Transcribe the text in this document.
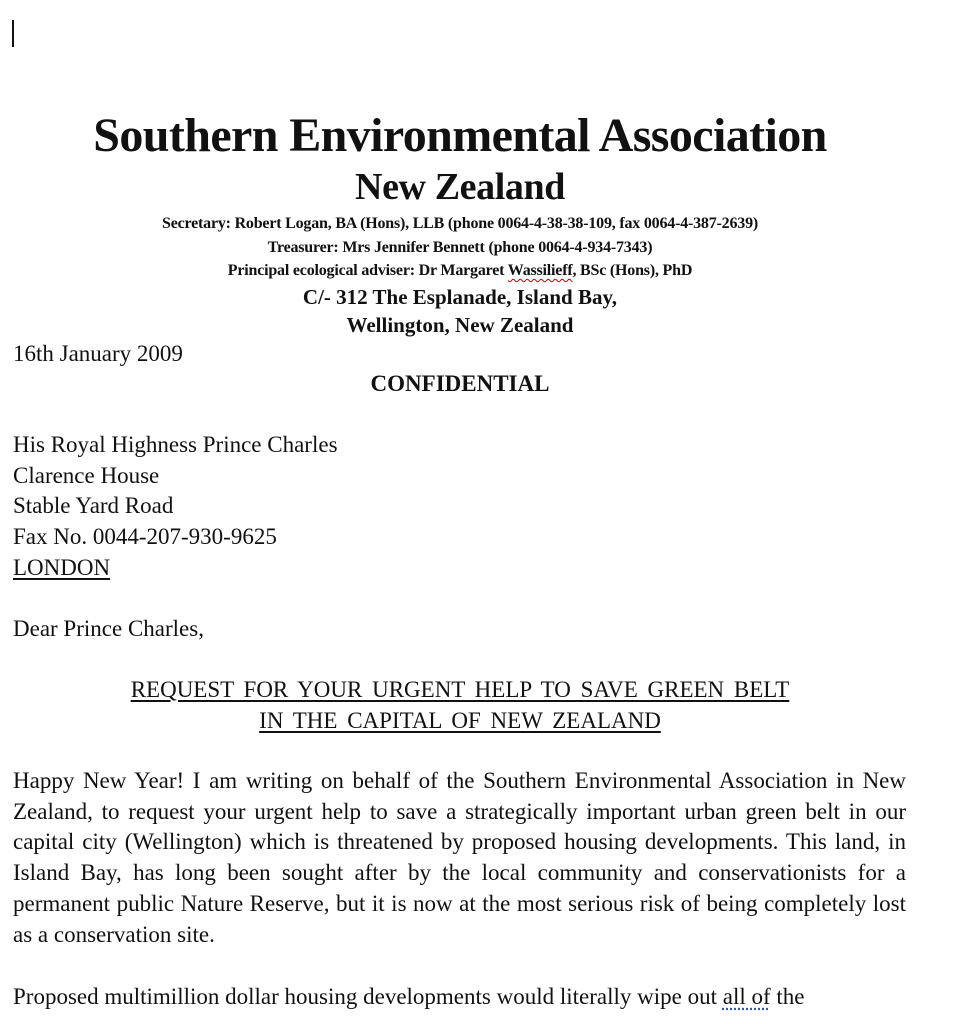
Southern Environmental Association
New Zealand
Secretary: Robert Logan, BA (Hons), LLB (phone 0064-4-38-38-109, fax 0064-4-387-2639)
Treasurer: Mrs Jennifer Bennett (phone 0064-4-934-7343)
Principal ecological adviser: Dr Margaret Wassilieff, BSc (Hons), PhD
C/- 312 The Esplanade, Island Bay,
Wellington, New Zealand
16th January 2009
CONFIDENTIAL
His Royal Highness Prince Charles
Clarence House
Stable Yard Road
Fax No. 0044-207-930-9625
LONDON
Dear Prince Charles,
REQUEST FOR YOUR URGENT HELP TO SAVE GREEN BELT
IN THE CAPITAL OF NEW ZEALAND
Happy New Year! I am writing on behalf of the Southern Environmental Association in New Zealand, to request your urgent help to save a strategically important urban green belt in our capital city (Wellington) which is threatened by proposed housing developments. This land, in Island Bay, has long been sought after by the local community and conservationists for a permanent public Nature Reserve, but it is now at the most serious risk of being completely lost as a conservation site.
Proposed multimillion dollar housing developments would literally wipe out all of the
